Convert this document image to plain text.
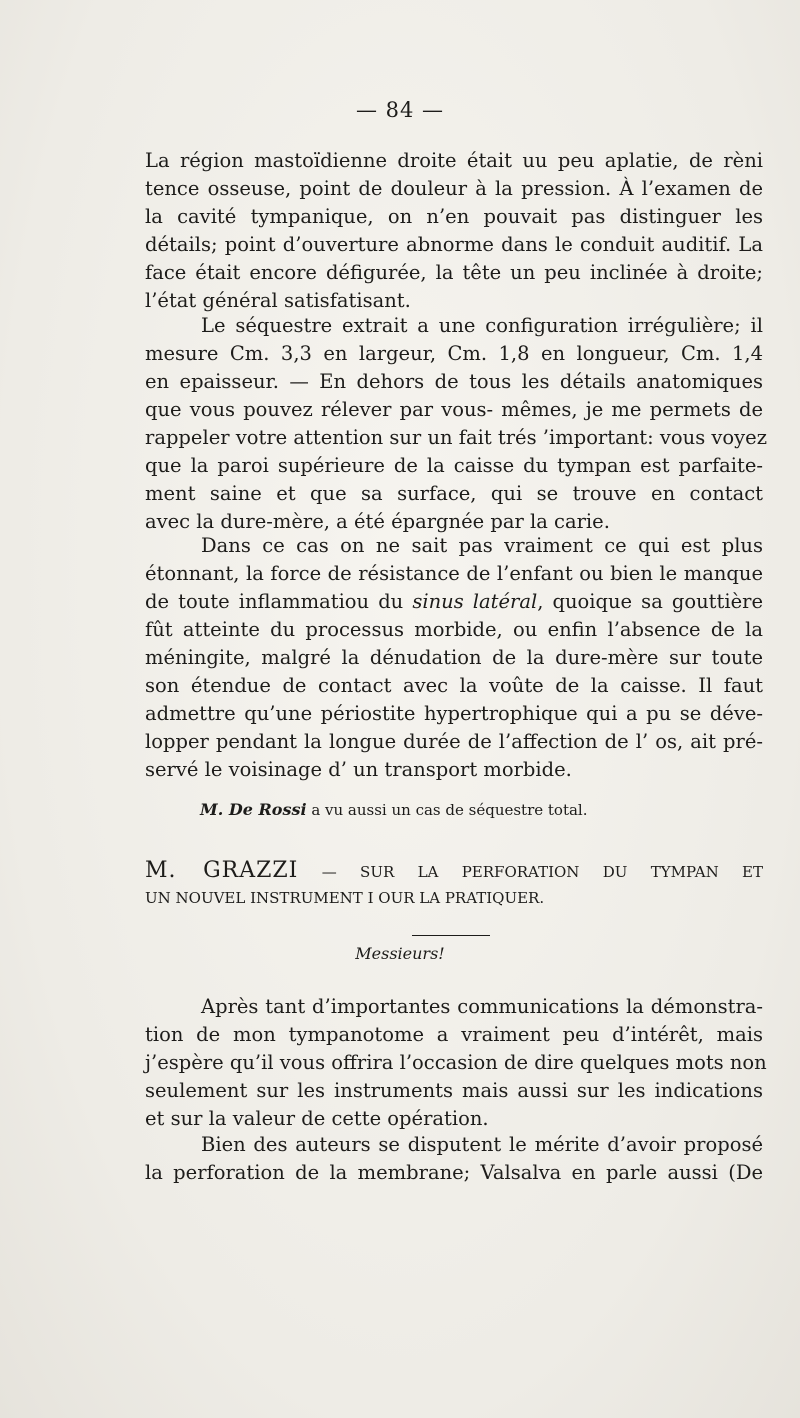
— 84 —
La région mastoïdienne droite était uu peu aplatie, de rèni
tence osseuse, point de douleur à la pression. À l’examen de
la cavité tympanique, on n’en pouvait pas distinguer les
détails; point d’ouverture abnorme dans le conduit auditif. La
face était encore défigurée, la tête un peu inclinée à droite;
l’état général satisfatisant.
Le séquestre extrait a une configuration irrégulière; il
mesure Cm. 3,3 en largeur, Cm. 1,8 en longueur, Cm. 1,4
en epaisseur. — En dehors de tous les détails anatomiques
que vous pouvez rélever par vous- mêmes, je me permets de
rappeler votre attention sur un fait trés ’important: vous voyez
que la paroi supérieure de la caisse du tympan est parfaite-
ment saine et que sa surface, qui se trouve en contact
avec la dure-mère, a été épargnée par la carie.
Dans ce cas on ne sait pas vraiment ce qui est plus
étonnant, la force de résistance de l’enfant ou bien le manque
de toute inflammatiou du sinus latéral, quoique sa gouttière
fût atteinte du processus morbide, ou enfin l’absence de la
méningite, malgré la dénudation de la dure-mère sur toute
son étendue de contact avec la voûte de la caisse. Il faut
admettre qu’une périostite hypertrophique qui a pu se déve-
lopper pendant la longue durée de l’affection de l’ os, ait pré-
servé le voisinage d’ un transport morbide.
M. De Rossi a vu aussi un cas de séquestre total.
M. GRAZZI — SUR LA PERFORATION DU TYMPAN ET
UN NOUVEL INSTRUMENT I OUR LA PRATIQUER.
Messieurs!
Après tant d’importantes communications la démonstra-
tion de mon tympanotome a vraiment peu d’intérêt, mais
j’espère qu’il vous offrira l’occasion de dire quelques mots non
seulement sur les instruments mais aussi sur les indications
et sur la valeur de cette opération.
Bien des auteurs se disputent le mérite d’avoir proposé
la perforation de la membrane; Valsalva en parle aussi (De
